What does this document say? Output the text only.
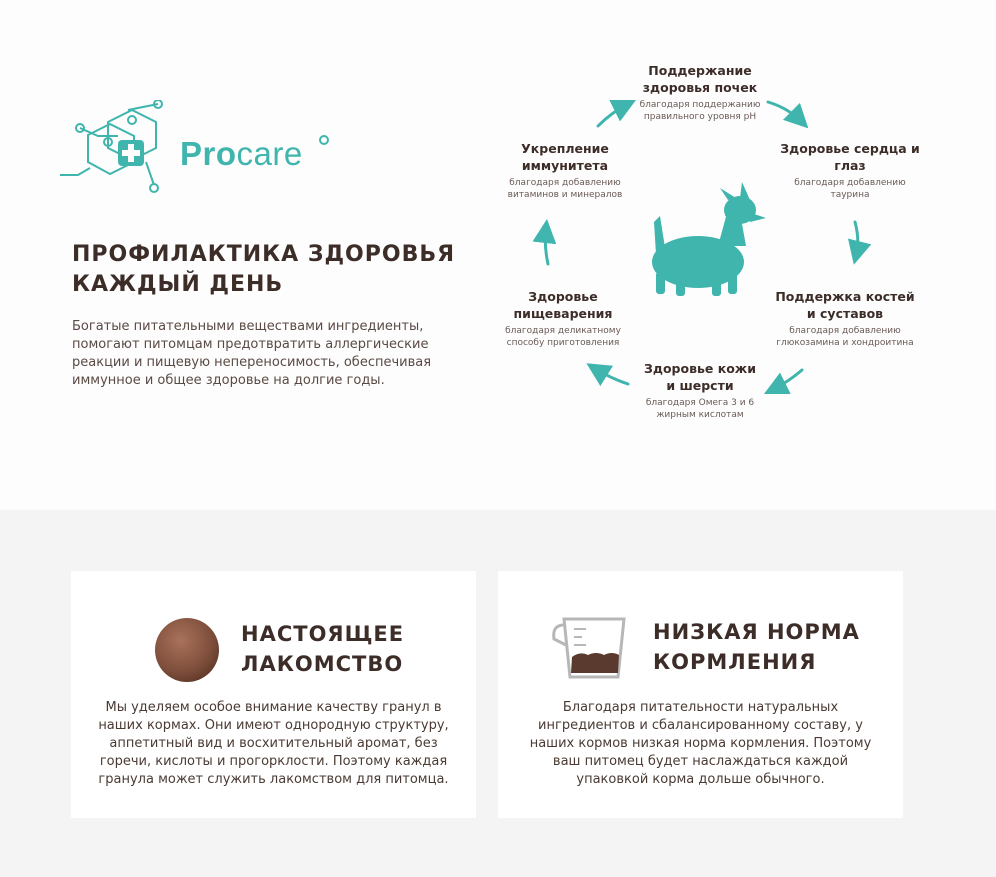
Procare
ПРОФИЛАКТИКА ЗДОРОВЬЯ
КАЖДЫЙ ДЕНЬ
Богатые питательными веществами ингредиенты, помогают питомцам предотвратить аллергические реакции и пищевую непереносимость, обеспечивая иммунное и общее здоровье на долгие годы.
Поддержание здоровья почек
благодаря поддержанию правильного уровня pH
Здоровье сердца и глаз
благодаря добавлению таурина
Поддержка костей и суставов
благодаря добавлению глюкозамина и хондроитина
Здоровье кожи и шерсти
благодаря Омега 3 и 6 жирным кислотам
Здоровье пищеварения
благодаря деликатному способу приготовления
Укрепление иммунитета
благодаря добавлению витаминов и минералов
НАСТОЯЩЕЕ
ЛАКОМСТВО
Мы уделяем особое внимание качеству гранул в наших кормах. Они имеют однородную структуру, аппетитный вид и восхитительный аромат, без горечи, кислоты и прогорклости. Поэтому каждая гранула может служить лакомством для питомца.
НИЗКАЯ НОРМА
КОРМЛЕНИЯ
Благодаря питательности натуральных ингредиентов и сбалансированному составу, у наших кормов низкая норма кормления. Поэтому ваш питомец будет наслаждаться каждой упаковкой корма дольше обычного.
